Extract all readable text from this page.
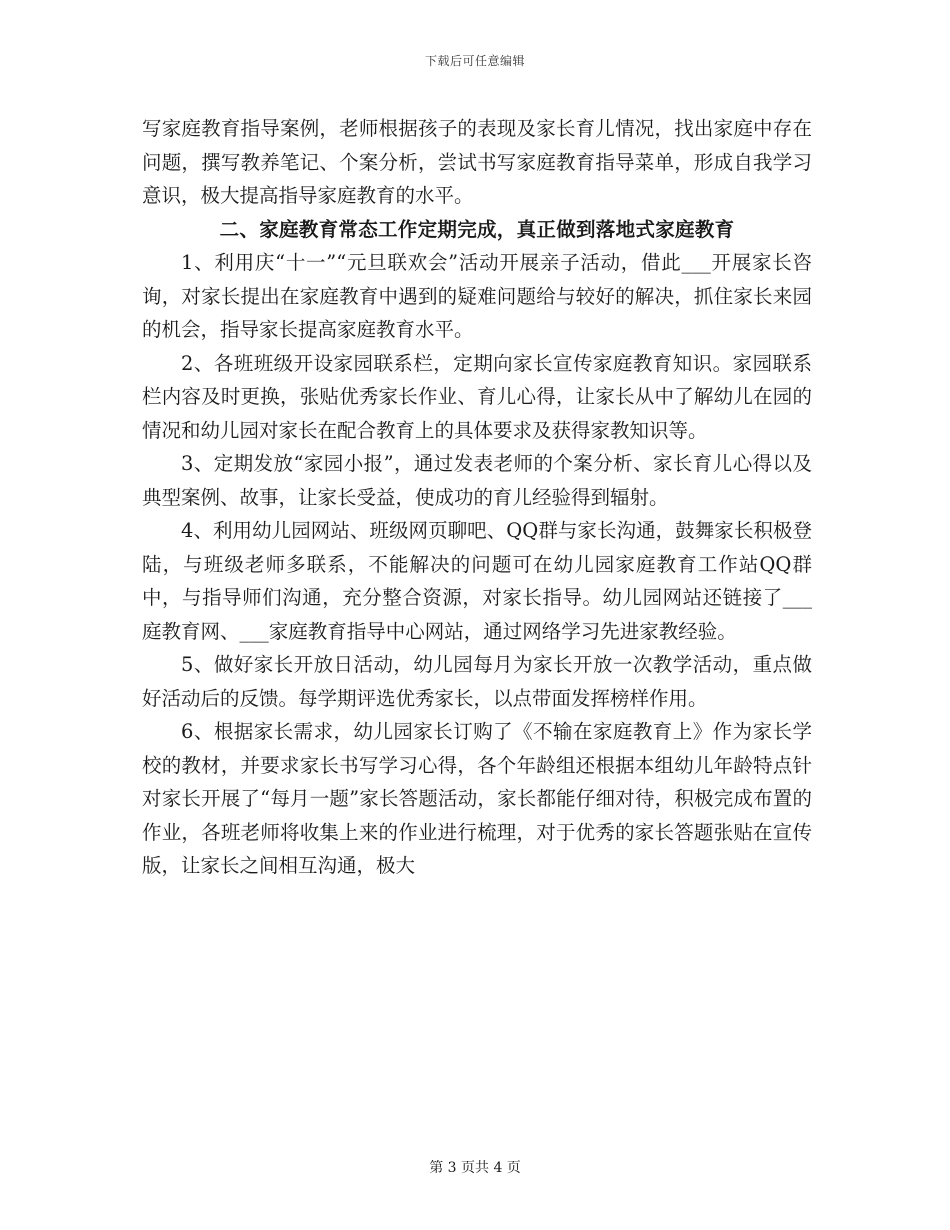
下载后可任意编辑

写家庭教育指导案例，老师根据孩子的表现及家长育儿情况，找出家庭中存在问题，撰写教养笔记、个案分析，尝试书写家庭教育指导菜单，形成自我学习意识，极大提高指导家庭教育的水平。

二、家庭教育常态工作定期完成，真正做到落地式家庭教育

1、利用庆“十一”“元旦联欢会”活动开展亲子活动，借此___开展家长咨询，对家长提出在家庭教育中遇到的疑难问题给与较好的解决，抓住家长来园的机会，指导家长提高家庭教育水平。

2、各班班级开设家园联系栏，定期向家长宣传家庭教育知识。家园联系栏内容及时更换，张贴优秀家长作业、育儿心得，让家长从中了解幼儿在园的情况和幼儿园对家长在配合教育上的具体要求及获得家教知识等。

3、定期发放“家园小报”，通过发表老师的个案分析、家长育儿心得以及典型案例、故事，让家长受益，使成功的育儿经验得到辐射。

4、利用幼儿园网站、班级网页聊吧、QQ群与家长沟通，鼓舞家长积极登陆，与班级老师多联系，不能解决的问题可在幼儿园家庭教育工作站QQ群中，与指导师们沟通，充分整合资源，对家长指导。幼儿园网站还链接了___庭教育网、___家庭教育指导中心网站，通过网络学习先进家教经验。

5、做好家长开放日活动，幼儿园每月为家长开放一次教学活动，重点做好活动后的反馈。每学期评选优秀家长，以点带面发挥榜样作用。

6、根据家长需求，幼儿园家长订购了《不输在家庭教育上》作为家长学校的教材，并要求家长书写学习心得，各个年龄组还根据本组幼儿年龄特点针对家长开展了“每月一题”家长答题活动，家长都能仔细对待，积极完成布置的作业，各班老师将收集上来的作业进行梳理，对于优秀的家长答题张贴在宣传版，让家长之间相互沟通，极大

第 3 页共 4 页
